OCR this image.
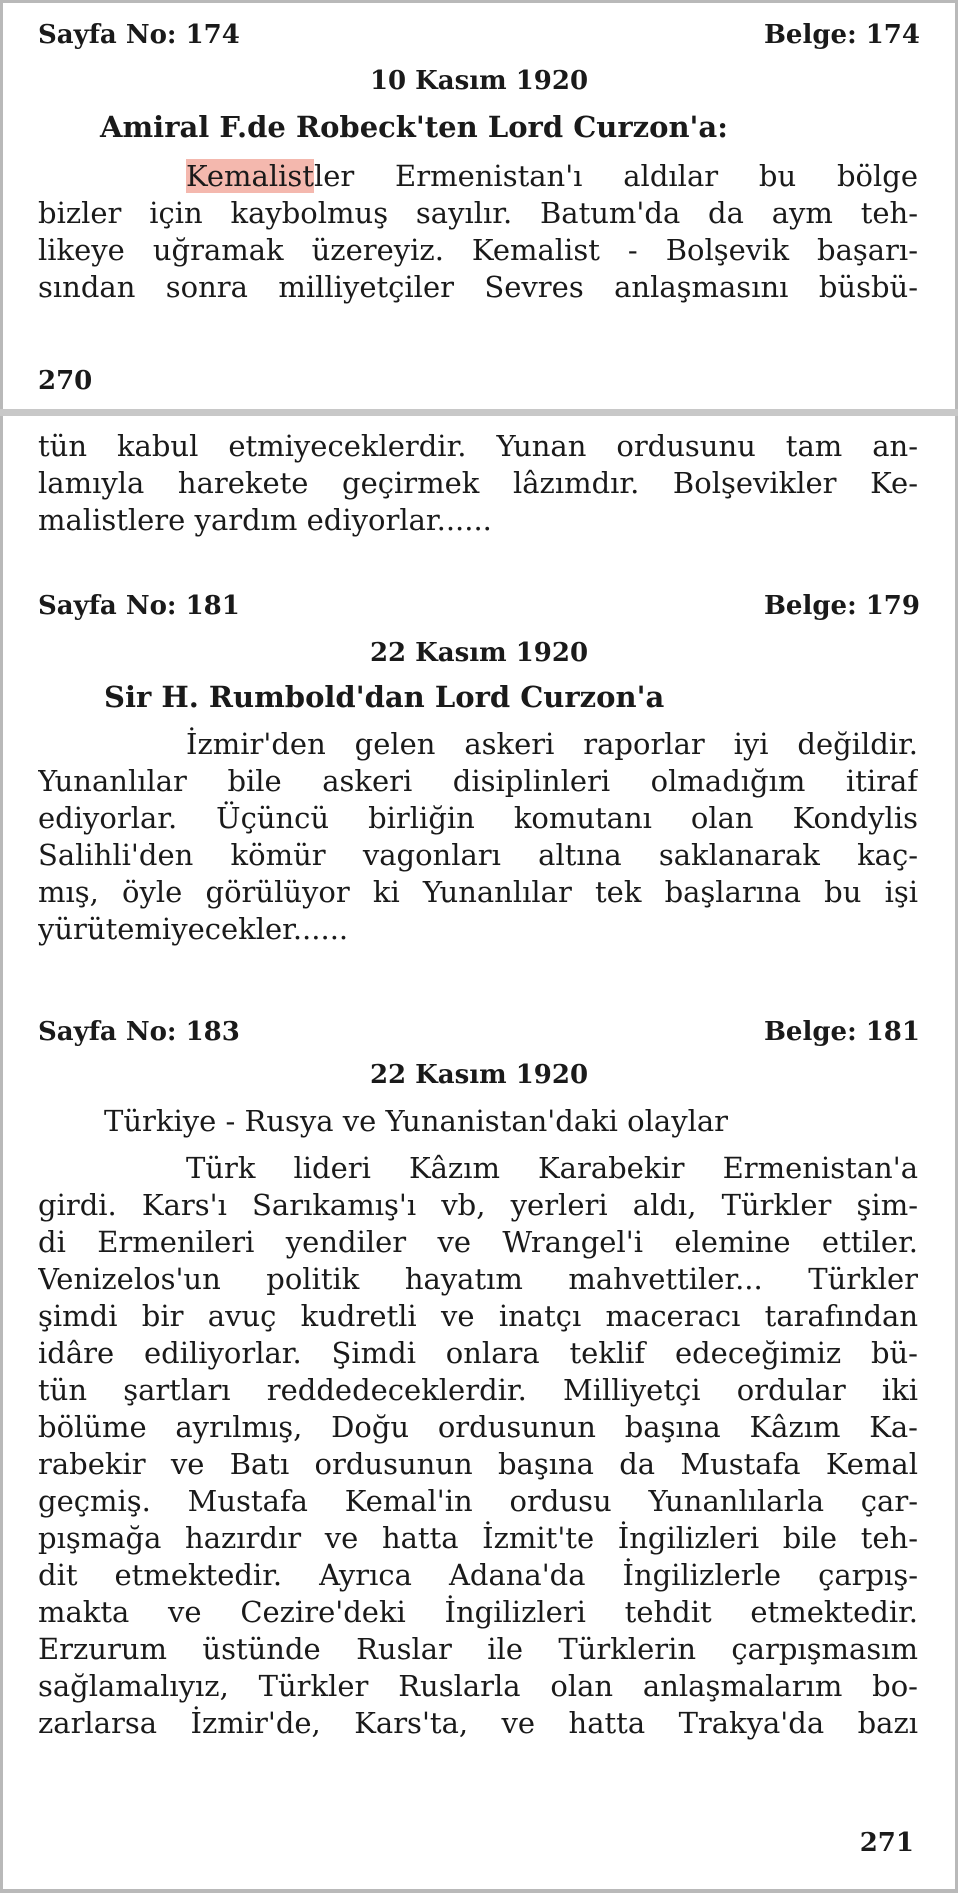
Sayfa No: 174	Belge: 174
10 Kasım 1920
Amiral F.de Robeck'ten Lord Curzon'a:
Kemalistler Ermenistan'ı aldılar bu bölge
bizler için kaybolmuş sayılır. Batum'da da aym teh-
likeye uğramak üzereyiz. Kemalist - Bolşevik başarı-
sından sonra milliyetçiler Sevres anlaşmasını büsbü-
270
tün kabul etmiyeceklerdir. Yunan ordusunu tam an-
lamıyla harekete geçirmek lâzımdır. Bolşevikler Ke-
malistlere yardım ediyorlar......
Sayfa No: 181	Belge: 179
22 Kasım 1920
Sir H. Rumbold'dan Lord Curzon'a
İzmir'den gelen askeri raporlar iyi değildir.
Yunanlılar bile askeri disiplinleri olmadığım itiraf
ediyorlar. Üçüncü birliğin komutanı olan Kondylis
Salihli'den kömür vagonları altına saklanarak kaç-
mış, öyle görülüyor ki Yunanlılar tek başlarına bu işi
yürütemiyecekler......
Sayfa No: 183	Belge: 181
22 Kasım 1920
Türkiye - Rusya ve Yunanistan'daki olaylar
Türk lideri Kâzım Karabekir Ermenistan'a
girdi. Kars'ı Sarıkamış'ı vb, yerleri aldı, Türkler şim-
di Ermenileri yendiler ve Wrangel'i elemine ettiler.
Venizelos'un politik hayatım mahvettiler... Türkler
şimdi bir avuç kudretli ve inatçı maceracı tarafından
idâre ediliyorlar. Şimdi onlara teklif edeceğimiz bü-
tün şartları reddedeceklerdir. Milliyetçi ordular iki
bölüme ayrılmış, Doğu ordusunun başına Kâzım Ka-
rabekir ve Batı ordusunun başına da Mustafa Kemal
geçmiş. Mustafa Kemal'in ordusu Yunanlılarla çar-
pışmağa hazırdır ve hatta İzmit'te İngilizleri bile teh-
dit etmektedir. Ayrıca Adana'da İngilizlerle çarpış-
makta ve Cezire'deki İngilizleri tehdit etmektedir.
Erzurum üstünde Ruslar ile Türklerin çarpışmasım
sağlamalıyız, Türkler Ruslarla olan anlaşmalarım bo-
zarlarsa İzmir'de, Kars'ta, ve hatta Trakya'da bazı
271
